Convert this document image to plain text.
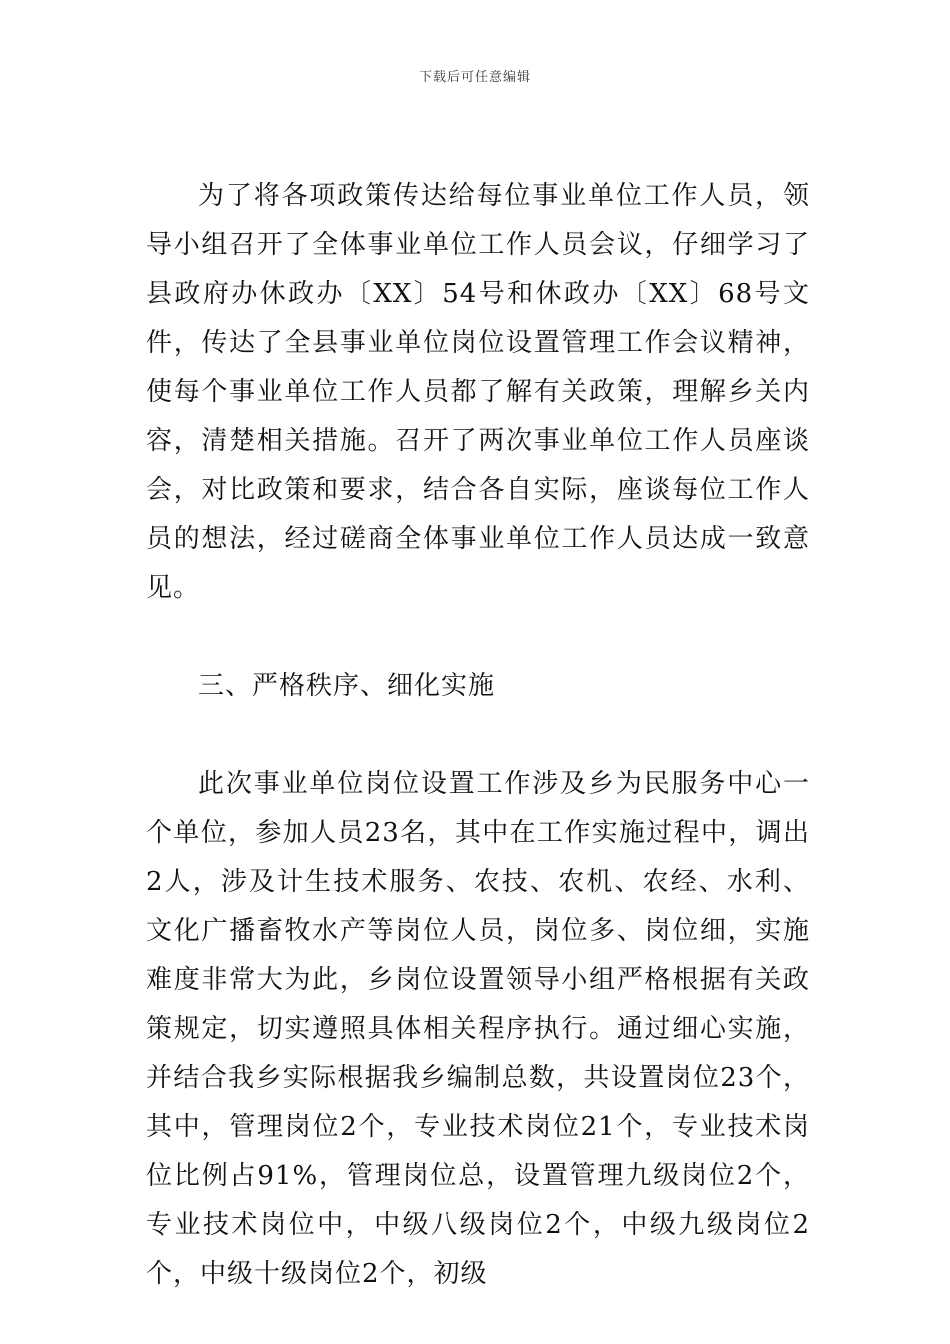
下载后可任意编辑

为了将各项政策传达给每位事业单位工作人员，领导小组召开了全体事业单位工作人员会议，仔细学习了县政府办休政办〔XX〕54号和休政办〔XX〕68号文件，传达了全县事业单位岗位设置管理工作会议精神，使每个事业单位工作人员都了解有关政策，理解乡关内容，清楚相关措施。召开了两次事业单位工作人员座谈会，对比政策和要求，结合各自实际，座谈每位工作人员的想法，经过磋商全体事业单位工作人员达成一致意见。

三、严格秩序、细化实施

此次事业单位岗位设置工作涉及乡为民服务中心一个单位，参加人员23名，其中在工作实施过程中，调出2人，涉及计生技术服务、农技、农机、农经、水利、文化广播畜牧水产等岗位人员，岗位多、岗位细，实施难度非常大为此，乡岗位设置领导小组严格根据有关政策规定，切实遵照具体相关程序执行。通过细心实施，并结合我乡实际根据我乡编制总数，共设置岗位23个，其中，管理岗位2个，专业技术岗位21个，专业技术岗位比例占91%，管理岗位总，设置管理九级岗位2个，专业技术岗位中，中级八级岗位2个，中级九级岗位2个，中级十级岗位2个，初级
